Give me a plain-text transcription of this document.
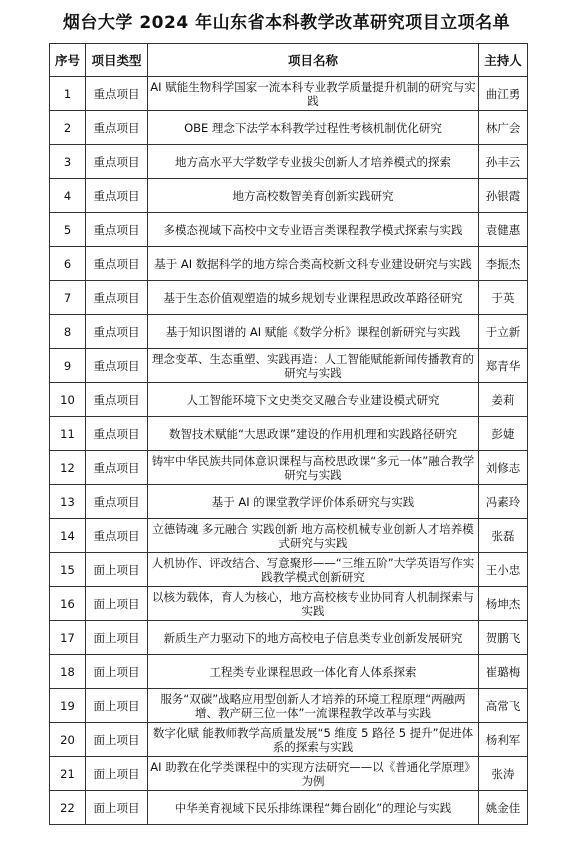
烟台大学 2024 年山东省本科教学改革研究项目立项名单
序号	项目类型	项目名称	主持人
1	重点项目	AI 赋能生物科学国家一流本科专业教学质量提升机制的研究与实践	曲江勇
2	重点项目	OBE 理念下法学本科教学过程性考核机制优化研究	林广会
3	重点项目	地方高水平大学数学专业拔尖创新人才培养模式的探索	孙丰云
4	重点项目	地方高校数智美育创新实践研究	孙银霞
5	重点项目	多模态视域下高校中文专业语言类课程教学模式探索与实践	袁健惠
6	重点项目	基于 AI 数据科学的地方综合类高校新文科专业建设研究与实践	李振杰
7	重点项目	基于生态价值观塑造的城乡规划专业课程思政改革路径研究	于英
8	重点项目	基于知识图谱的 AI 赋能《数学分析》课程创新研究与实践	于立新
9	重点项目	理念变革、生态重塑、实践再造：人工智能赋能新闻传播教育的研究与实践	郑青华
10	重点项目	人工智能环境下文史类交叉融合专业建设模式研究	姜莉
11	重点项目	数智技术赋能“大思政课”建设的作用机理和实践路径研究	彭婕
12	重点项目	铸牢中华民族共同体意识课程与高校思政课“多元一体”融合教学研究与实践	刘修志
13	重点项目	基于 AI 的课堂教学评价体系研究与实践	冯素玲
14	重点项目	立德铸魂 多元融合 实践创新 地方高校机械专业创新人才培养模式研究与实践	张磊
15	面上项目	人机协作、评改结合、写意聚形——“三维五阶”大学英语写作实践教学模式创新研究	王小忠
16	面上项目	以核为载体，育人为核心，地方高校核专业协同育人机制探索与实践	杨坤杰
17	面上项目	新质生产力驱动下的地方高校电子信息类专业创新发展研究	贺鹏飞
18	面上项目	工程类专业课程思政一体化育人体系探索	崔璐梅
19	面上项目	服务“双碳”战略应用型创新人才培养的环境工程原理“两融两增、教产研三位一体”一流课程教学改革与实践	高常飞
20	面上项目	数字化赋 能教师教学高质量发展“5 维度 5 路径 5 提升”促进体系的探索与实践	杨利军
21	面上项目	AI 助教在化学类课程中的实现方法研究——以《普通化学原理》为例	张涛
22	面上项目	中华美育视域下民乐排练课程“舞台剧化”的理论与实践	姚金佳
